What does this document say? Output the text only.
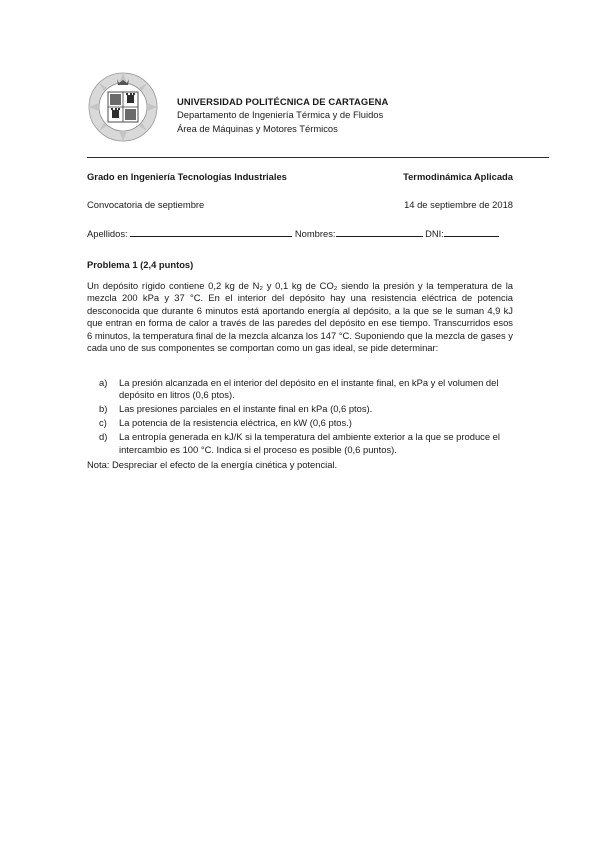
UNIVERSIDAD POLITÉCNICA DE CARTAGENA
Departamento de Ingeniería Térmica y de Fluidos
Área de Máquinas y Motores Térmicos
Grado en Ingeniería Tecnologías Industriales	Termodinámica Aplicada
Convocatoria de septiembre	14 de septiembre de 2018
Apellidos:	Nombres:	DNI:
Problema 1 (2,4 puntos)
Un depósito rígido contiene 0,2 kg de N₂ y 0,1 kg de CO₂ siendo la presión y la temperatura de la mezcla 200 kPa y 37 °C. En el interior del depósito hay una resistencia eléctrica de potencia desconocida que durante 6 minutos está aportando energía al depósito, a la que se le suman 4,9 kJ que entran en forma de calor a través de las paredes del depósito en ese tiempo. Transcurridos esos 6 minutos, la temperatura final de la mezcla alcanza los 147 °C. Suponiendo que la mezcla de gases y cada uno de sus componentes se comportan como un gas ideal, se pide determinar:
a) La presión alcanzada en el interior del depósito en el instante final, en kPa y el volumen del depósito en litros (0,6 ptos).
b) Las presiones parciales en el instante final en kPa (0,6 ptos).
c) La potencia de la resistencia eléctrica, en kW (0,6 ptos.)
d) La entropía generada en kJ/K si la temperatura del ambiente exterior a la que se produce el intercambio es 100 °C. Indica si el proceso es posible (0,6 puntos).
Nota: Despreciar el efecto de la energía cinética y potencial.
